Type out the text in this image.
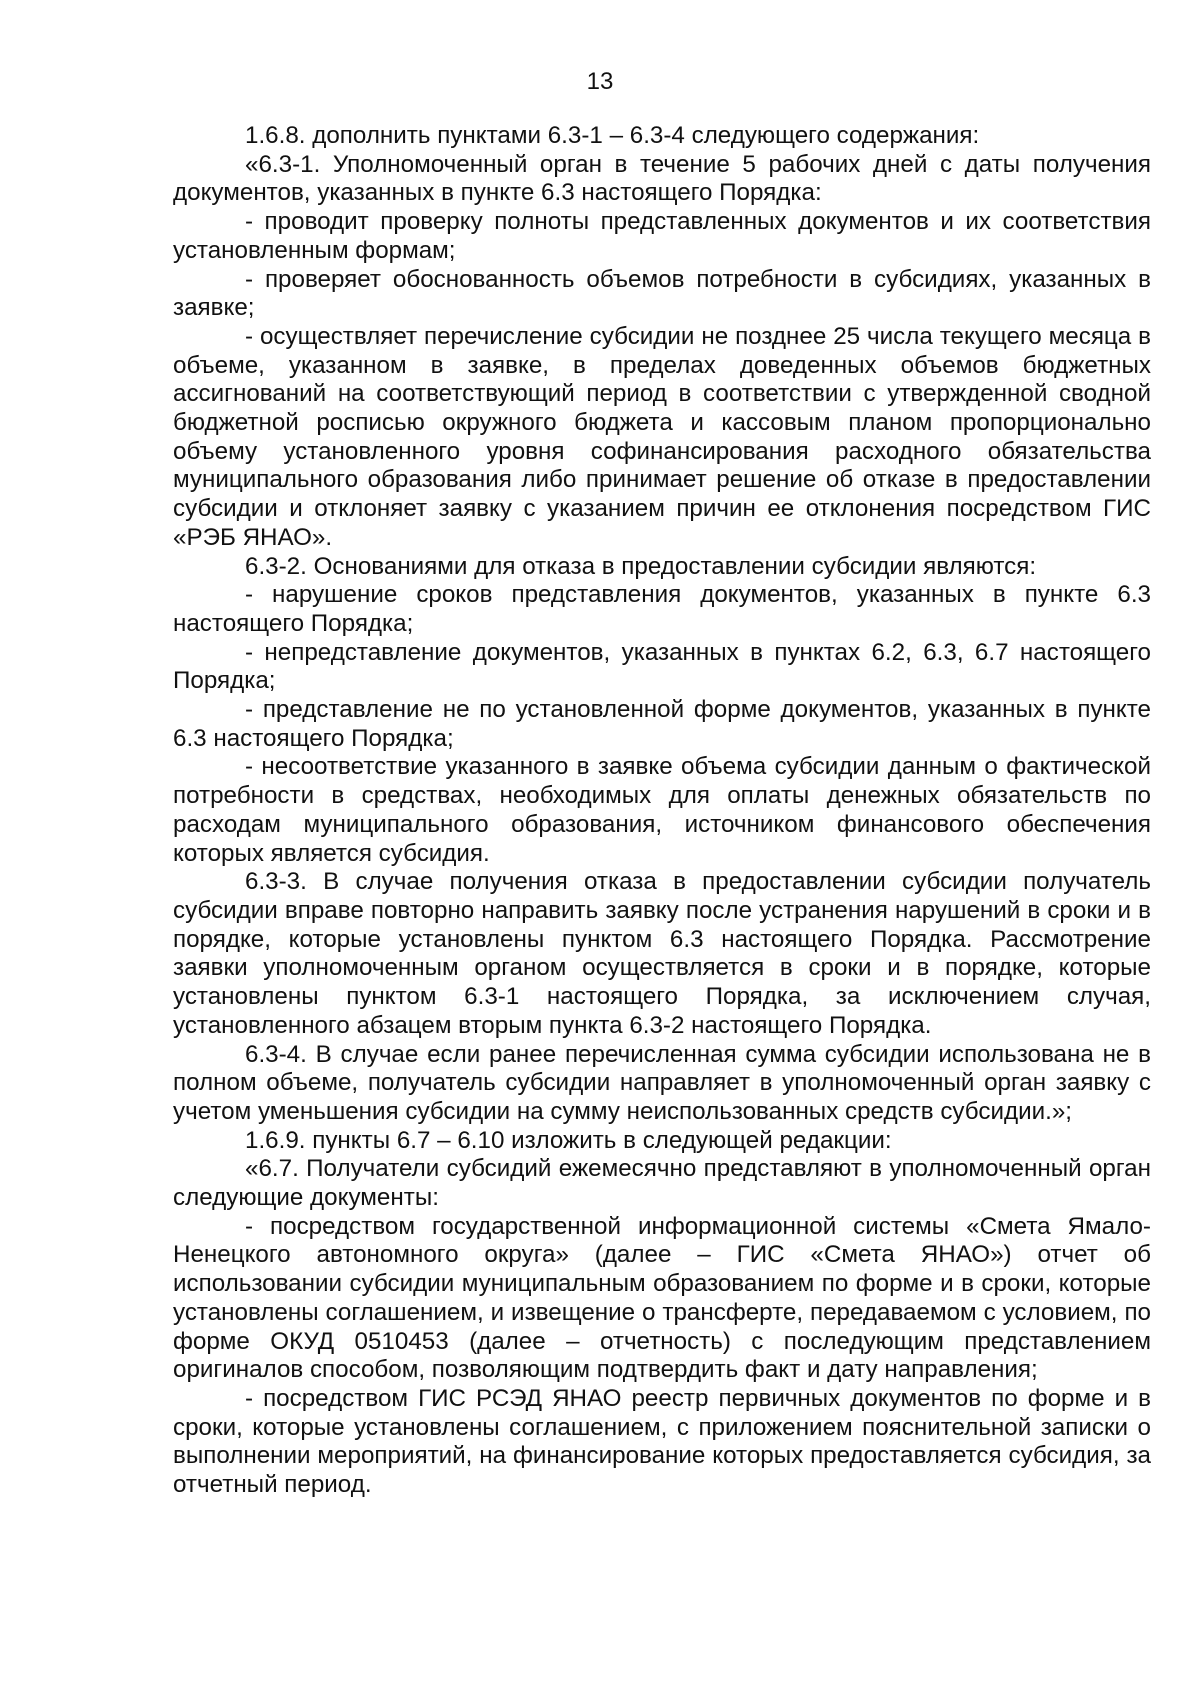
13

1.6.8. дополнить пунктами 6.3-1 – 6.3-4 следующего содержания:

«6.3-1. Уполномоченный орган в течение 5 рабочих дней с даты получения документов, указанных в пункте 6.3 настоящего Порядка:

- проводит проверку полноты представленных документов и их соответствия установленным формам;

- проверяет обоснованность объемов потребности в субсидиях, указанных в заявке;

- осуществляет перечисление субсидии не позднее 25 числа текущего месяца в объеме, указанном в заявке, в пределах доведенных объемов бюджетных ассигнований на соответствующий период в соответствии с утвержденной сводной бюджетной росписью окружного бюджета и кассовым планом пропорционально объему установленного уровня софинансирования расходного обязательства муниципального образования либо принимает решение об отказе в предоставлении субсидии и отклоняет заявку с указанием причин ее отклонения посредством ГИС «РЭБ ЯНАО».

6.3-2. Основаниями для отказа в предоставлении субсидии являются:

- нарушение сроков представления документов, указанных в пункте 6.3 настоящего Порядка;

- непредставление документов, указанных в пунктах 6.2, 6.3, 6.7 настоящего Порядка;

- представление не по установленной форме документов, указанных в пункте 6.3 настоящего Порядка;

- несоответствие указанного в заявке объема субсидии данным о фактической потребности в средствах, необходимых для оплаты денежных обязательств по расходам муниципального образования, источником финансового обеспечения которых является субсидия.

6.3-3. В случае получения отказа в предоставлении субсидии получатель субсидии вправе повторно направить заявку после устранения нарушений в сроки и в порядке, которые установлены пунктом 6.3 настоящего Порядка. Рассмотрение заявки уполномоченным органом осуществляется в сроки и в порядке, которые установлены пунктом 6.3-1 настоящего Порядка, за исключением случая, установленного абзацем вторым пункта 6.3-2 настоящего Порядка.

6.3-4. В случае если ранее перечисленная сумма субсидии использована не в полном объеме, получатель субсидии направляет в уполномоченный орган заявку с учетом уменьшения субсидии на сумму неиспользованных средств субсидии.»;

1.6.9. пункты 6.7 – 6.10 изложить в следующей редакции:

«6.7. Получатели субсидий ежемесячно представляют в уполномоченный орган следующие документы:

- посредством государственной информационной системы «Смета Ямало-Ненецкого автономного округа» (далее – ГИС «Смета ЯНАО») отчет об использовании субсидии муниципальным образованием по форме и в сроки, которые установлены соглашением, и извещение о трансферте, передаваемом с условием, по форме ОКУД 0510453 (далее – отчетность) с последующим представлением оригиналов способом, позволяющим подтвердить факт и дату направления;

- посредством ГИС РСЭД ЯНАО реестр первичных документов по форме и в сроки, которые установлены соглашением, с приложением пояснительной записки о выполнении мероприятий, на финансирование которых предоставляется субсидия, за отчетный период.
